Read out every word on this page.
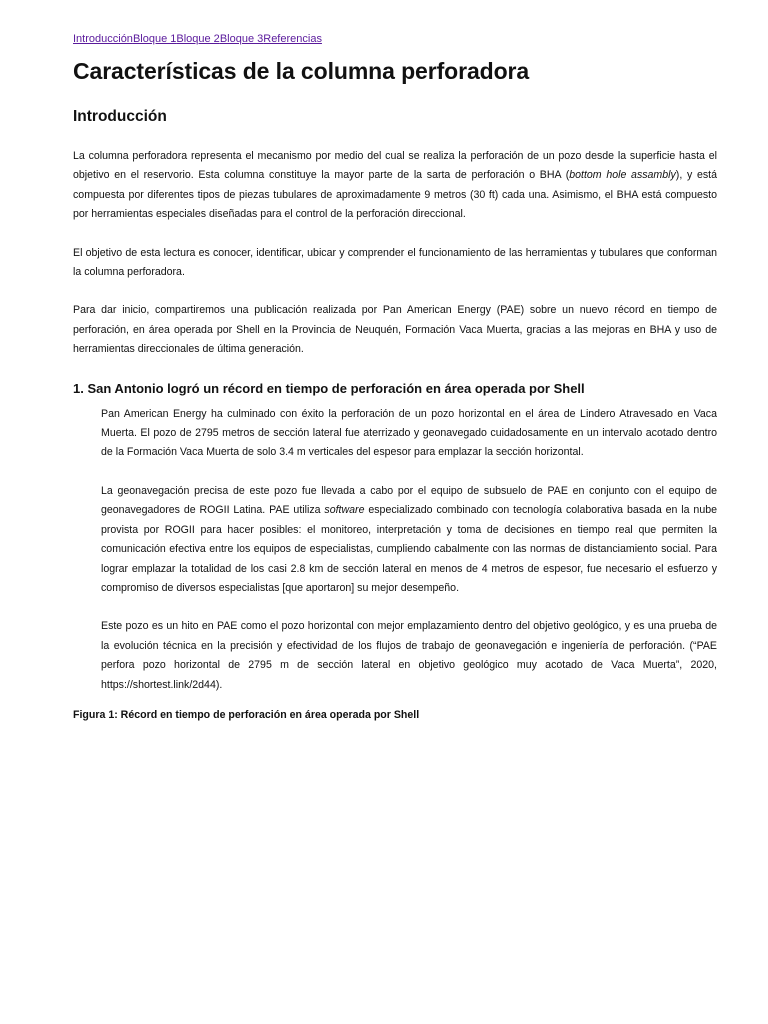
IntroducciónBloque 1Bloque 2Bloque 3Referencias
Características de la columna perforadora
Introducción

La columna perforadora representa el mecanismo por medio del cual se realiza la perforación de un pozo desde la superficie hasta el objetivo en el reservorio. Esta columna constituye la mayor parte de la sarta de perforación o BHA (bottom hole assambly), y está compuesta por diferentes tipos de piezas tubulares de aproximadamente 9 metros (30 ft) cada una. Asimismo, el BHA está compuesto por herramientas especiales diseñadas para el control de la perforación direccional.

El objetivo de esta lectura es conocer, identificar, ubicar y comprender el funcionamiento de las herramientas y tubulares que conforman la columna perforadora.

Para dar inicio, compartiremos una publicación realizada por Pan American Energy (PAE) sobre un nuevo récord en tiempo de perforación, en área operada por Shell en la Provincia de Neuquén, Formación Vaca Muerta, gracias a las mejoras en BHA y uso de herramientas direccionales de última generación.

1. San Antonio logró un récord en tiempo de perforación en área operada por Shell

Pan American Energy ha culminado con éxito la perforación de un pozo horizontal en el área de Lindero Atravesado en Vaca Muerta. El pozo de 2795 metros de sección lateral fue aterrizado y geonavegado cuidadosamente en un intervalo acotado dentro de la Formación Vaca Muerta de solo 3.4 m verticales del espesor para emplazar la sección horizontal.

La geonavegación precisa de este pozo fue llevada a cabo por el equipo de subsuelo de PAE en conjunto con el equipo de geonavegadores de ROGII Latina. PAE utiliza software especializado combinado con tecnología colaborativa basada en la nube provista por ROGII para hacer posibles: el monitoreo, interpretación y toma de decisiones en tiempo real que permiten la comunicación efectiva entre los equipos de especialistas, cumpliendo cabalmente con las normas de distanciamiento social. Para lograr emplazar la totalidad de los casi 2.8 km de sección lateral en menos de 4 metros de espesor, fue necesario el esfuerzo y compromiso de diversos especialistas [que aportaron] su mejor desempeño.

Este pozo es un hito en PAE como el pozo horizontal con mejor emplazamiento dentro del objetivo geológico, y es una prueba de la evolución técnica en la precisión y efectividad de los flujos de trabajo de geonavegación e ingeniería de perforación. (“PAE perfora pozo horizontal de 2795 m de sección lateral en objetivo geológico muy acotado de Vaca Muerta”, 2020, https://shortest.link/2d44).

Figura 1: Récord en tiempo de perforación en área operada por Shell
